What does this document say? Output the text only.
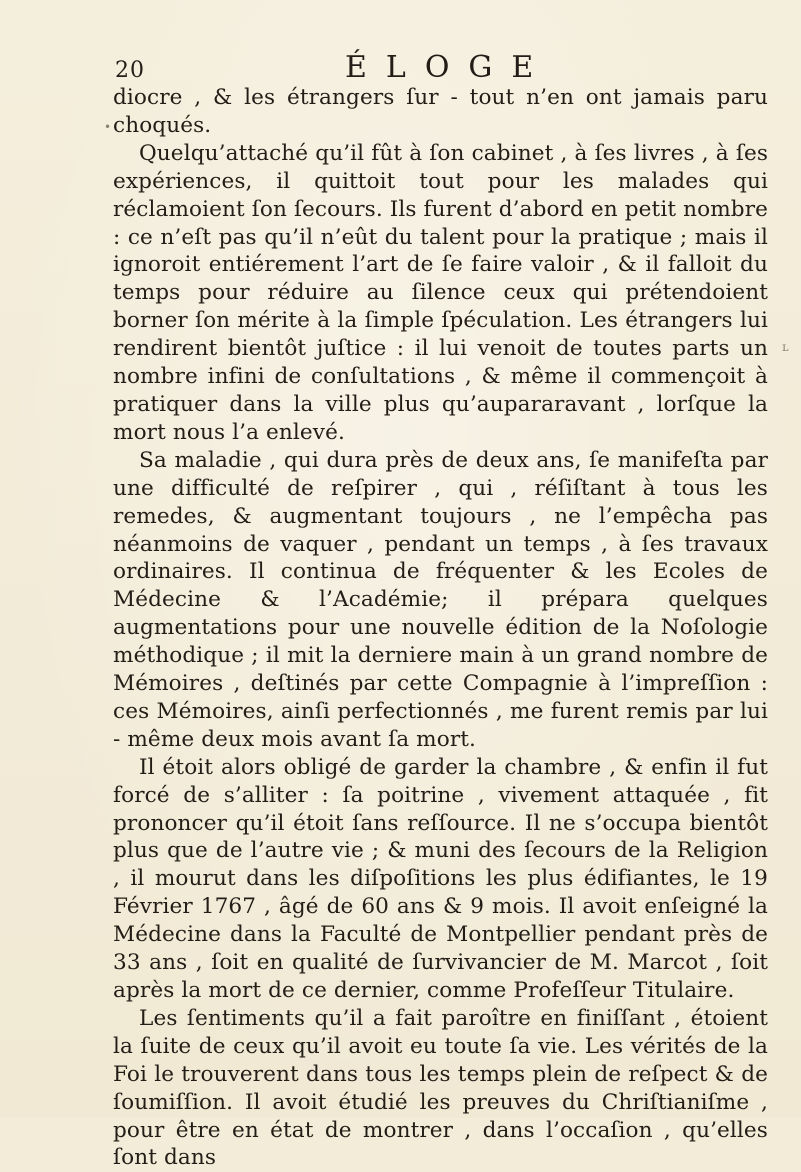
20	ÉLOGE

diocre , & les étrangers ſur - tout n’en ont jamais paru choqués.

Quelqu’attaché qu’il fût à ſon cabinet , à ſes livres , à ſes expériences, il quittoit tout pour les malades qui réclamoient ſon ſecours. Ils furent d’abord en petit nombre : ce n’eſt pas qu’il n’eût du talent pour la pratique ; mais il ignoroit entiérement l’art de ſe faire valoir , & il falloit du temps pour réduire au ſilence ceux qui prétendoient borner ſon mérite à la ſimple ſpéculation. Les étrangers lui rendirent bientôt juſtice : il lui venoit de toutes parts un nombre infini de conſultations , & même il commençoit à pratiquer dans la ville plus qu’aupararavant , lorſque la mort nous l’a enlevé.

Sa maladie , qui dura près de deux ans, ſe manifeſta par une difficulté de reſpirer , qui , réſiſtant à tous les remedes, & augmentant toujours , ne l’empêcha pas néanmoins de vaquer , pendant un temps , à ſes travaux ordinaires. Il continua de fréquenter & les Ecoles de Médecine & l’Académie; il prépara quelques augmentations pour une nouvelle édition de la Noſologie méthodique ; il mit la derniere main à un grand nombre de Mémoires , deſtinés par cette Compagnie à l’impreſſion : ces Mémoires, ainſi perfectionnés , me furent remis par lui - même deux mois avant ſa mort.

Il étoit alors obligé de garder la chambre , & enfin il fut forcé de s’alliter : ſa poitrine , vivement attaquée , fit prononcer qu’il étoit ſans reſſource. Il ne s’occupa bientôt plus que de l’autre vie ; & muni des ſecours de la Religion , il mourut dans les diſpoſitions les plus édifiantes, le 19 Février 1767 , âgé de 60 ans & 9 mois. Il avoit enſeigné la Médecine dans la Faculté de Montpellier pendant près de 33 ans , ſoit en qualité de ſurvivancier de M. Marcot , ſoit après la mort de ce dernier, comme Profeſſeur Titulaire.

Les ſentiments qu’il a fait paroître en finiſſant , étoient la ſuite de ceux qu’il avoit eu toute ſa vie. Les vérités de la Foi le trouverent dans tous les temps plein de reſpect & de ſoumiſſion. Il avoit étudié les preuves du Chriſtianiſme , pour être en état de montrer , dans l’occaſion , qu’elles ſont dans

•
ʟ
